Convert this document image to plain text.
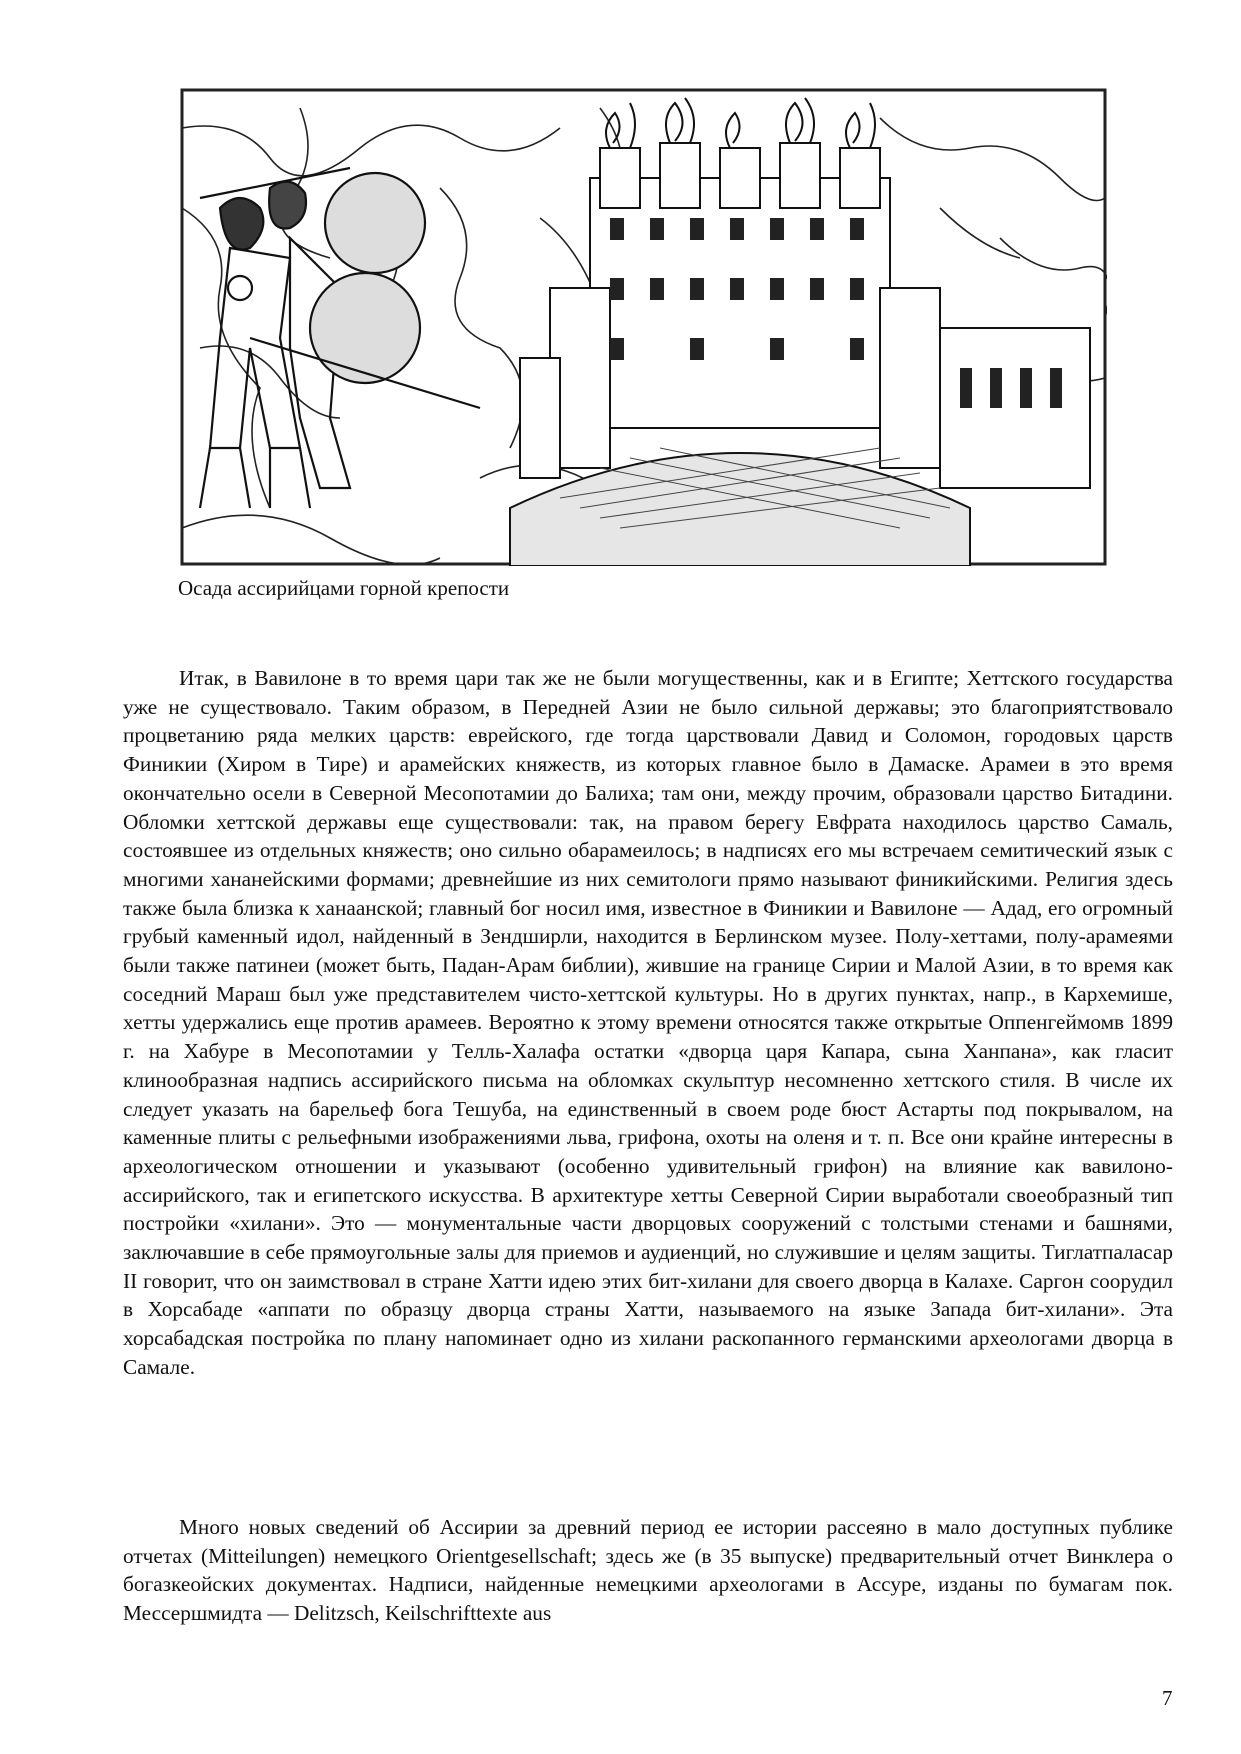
Осада ассирийцами горной крепости

Итак, в Вавилоне в то время цари так же не были могущественны, как и в Египте; Хеттского государства уже не существовало. Таким образом, в Передней Азии не было сильной державы; это благоприятствовало процветанию ряда мелких царств: еврейского, где тогда царствовали Давид и Соломон, городовых царств Финикии (Хиром в Тире) и арамейских княжеств, из которых главное было в Дамаске. Арамеи в это время окончательно осели в Северной Месопотамии до Балиха; там они, между прочим, образовали царство Битадини. Обломки хеттской державы еще существовали: так, на правом берегу Евфрата находилось царство Самаль, состоявшее из отдельных княжеств; оно сильно обарамеилось; в надписях его мы встречаем семитический язык с многими хананейскими формами; древнейшие из них семитологи прямо называют финикийскими. Религия здесь также была близка к ханаанской; главный бог носил имя, известное в Финикии и Вавилоне — Адад, его огромный грубый каменный идол, найденный в Зендширли, находится в Берлинском музее. Полу-хеттами, полу-арамеями были также патинеи (может быть, Падан-Арам библии), жившие на границе Сирии и Малой Азии, в то время как соседний Мараш был уже представителем чисто-хеттской культуры. Но в других пунктах, напр., в Кархемише, хетты удержались еще против арамеев. Вероятно к этому времени относятся также открытые Оппенгеймомв 1899 г. на Хабуре в Месопотамии у Телль-Халафа остатки «дворца царя Капара, сына Ханпана», как гласит клинообразная надпись ассирийского письма на обломках скульптур несомненно хеттского стиля. В числе их следует указать на барельеф бога Тешуба, на единственный в своем роде бюст Астарты под покрывалом, на каменные плиты с рельефными изображениями льва, грифона, охоты на оленя и т. п. Все они крайне интересны в археологическом отношении и указывают (особенно удивительный грифон) на влияние как вавилоно-ассирийского, так и египетского искусства. В архитектуре хетты Северной Сирии выработали своеобразный тип постройки «хилани». Это — монументальные части дворцовых сооружений с толстыми стенами и башнями, заключавшие в себе прямоугольные залы для приемов и аудиенций, но служившие и целям защиты. Тиглатпаласар II говорит, что он заимствовал в стране Хатти идею этих бит-хилани для своего дворца в Калахе. Саргон соорудил в Хорсабаде «аппати по образцу дворца страны Хатти, называемого на языке Запада бит-хилани». Эта хорсабадская постройка по плану напоминает одно из хилани раскопанного германскими археологами дворца в Самале.

Много новых сведений об Ассирии за древний период ее истории рассеяно в мало доступных публике отчетах (Mitteilungen) немецкого Orientgesellschaft; здесь же (в 35 выпуске) предварительный отчет Винклера о богазкеойских документах. Надписи, найденные немецкими археологами в Ассуре, изданы по бумагам пок. Мессершмидта — Delitzsch, Keilschrifttexte aus

7
